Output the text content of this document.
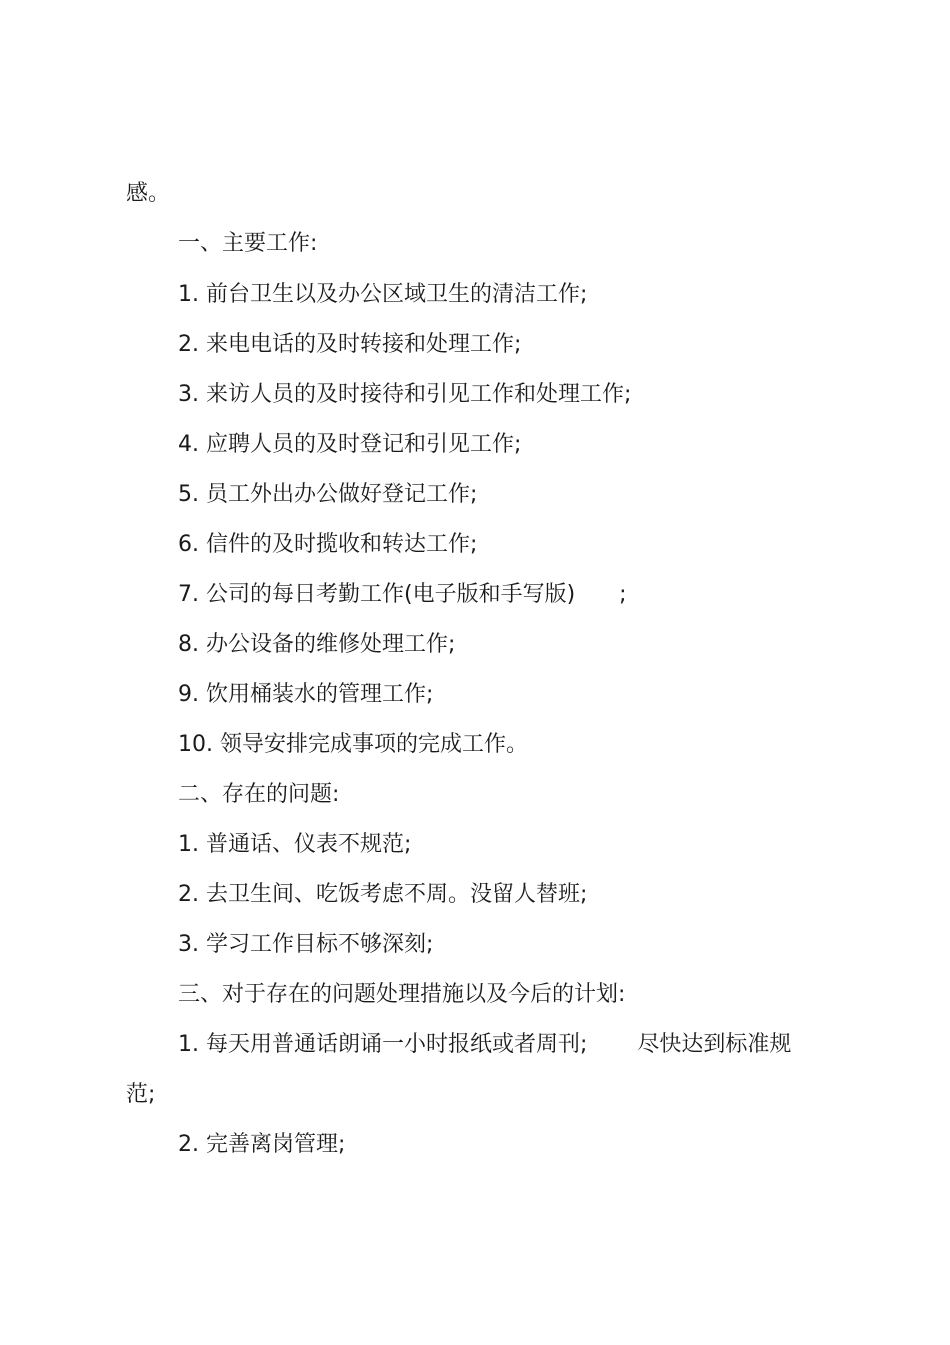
感。
一、主要工作:
1. 前台卫生以及办公区域卫生的清洁工作;
2. 来电电话的及时转接和处理工作;
3. 来访人员的及时接待和引见工作和处理工作;
4. 应聘人员的及时登记和引见工作;
5. 员工外出办公做好登记工作;
6. 信件的及时揽收和转达工作;
7. 公司的每日考勤工作(电子版和手写版) ;
8. 办公设备的维修处理工作;
9. 饮用桶装水的管理工作;
10. 领导安排完成事项的完成工作。
二、存在的问题:
1. 普通话、仪表不规范;
2. 去卫生间、吃饭考虑不周。没留人替班;
3. 学习工作目标不够深刻;
三、对于存在的问题处理措施以及今后的计划:
1. 每天用普通话朗诵一小时报纸或者周刊; 尽快达到标准规
范;
2. 完善离岗管理;
